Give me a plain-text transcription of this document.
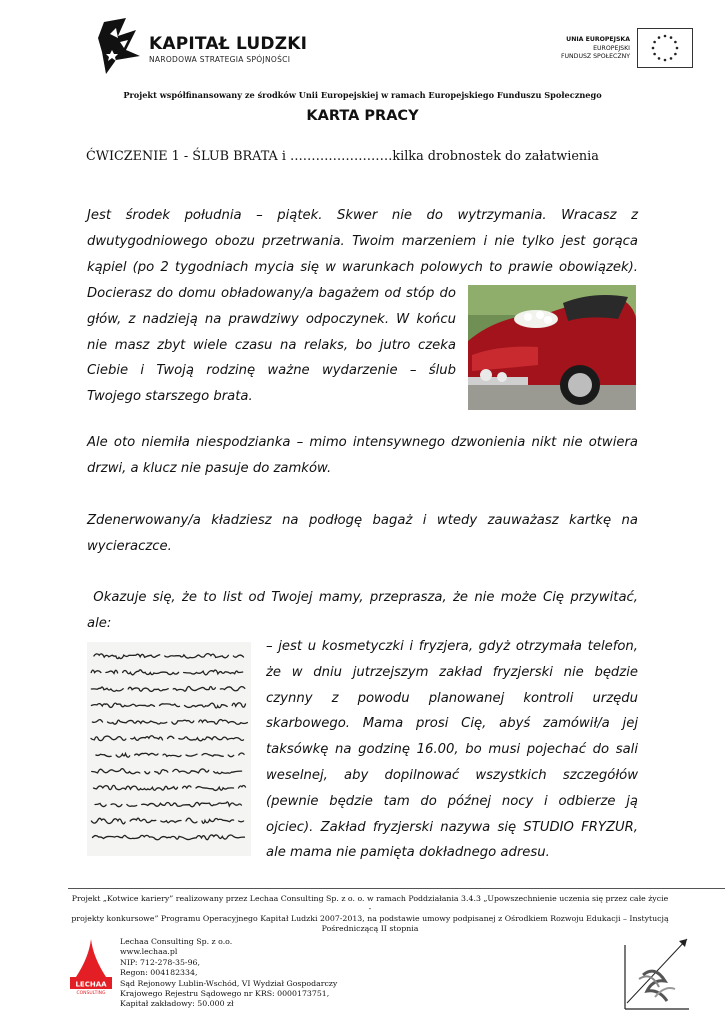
KAPITAŁ LUDZKI
NARODOWA STRATEGIA SPÓJNOŚCI
UNIA EUROPEJSKA
EUROPEJSKI
FUNDUSZ SPOŁECZNY
Projekt współfinansowany ze środków Unii Europejskiej w ramach Europejskiego Funduszu Społecznego
KARTA PRACY
ĆWICZENIE 1 - ŚLUB BRATA i ……………………kilka drobnostek do załatwienia
Jest środek południa – piątek. Skwer nie do wytrzymania. Wracasz z
dwutygodniowego obozu przetrwania. Twoim marzeniem i nie tylko jest gorąca
kąpiel (po 2 tygodniach mycia się w warunkach polowych to prawie obowiązek).
Docierasz do domu obładowany/a bagażem od stóp do
głów, z nadzieją na prawdziwy odpoczynek. W końcu
nie masz zbyt wiele czasu na relaks, bo jutro czeka
Ciebie i Twoją rodzinę ważne wydarzenie – ślub
Twojego starszego brata.
Ale oto niemiła niespodzianka – mimo intensywnego dzwonienia nikt nie otwiera
drzwi, a klucz nie pasuje do zamków.
Zdenerwowany/a kładziesz na podłogę bagaż i wtedy zauważasz kartkę na
wycieraczce.
Okazuje się, że to list od Twojej mamy, przeprasza, że nie może Cię przywitać,
ale:
– jest u kosmetyczki i fryzjera, gdyż otrzymała telefon,
że w dniu jutrzejszym zakład fryzjerski nie będzie
czynny z powodu planowanej kontroli urzędu
skarbowego. Mama prosi Cię, abyś zamówił/a jej
taksówkę na godzinę 16.00, bo musi pojechać do sali
weselnej, aby dopilnować wszystkich szczegółów
(pewnie będzie tam do późnej nocy i odbierze ją
ojciec). Zakład fryzjerski nazywa się STUDIO FRYZUR,
ale mama nie pamięta dokładnego adresu.
Projekt „Kotwice kariery” realizowany przez Lechaa Consulting Sp. z o. o. w ramach Poddziałania 3.4.3 „Upowszechnienie uczenia się przez całe życie -
projekty konkursowe” Programu Operacyjnego Kapitał Ludzki 2007-2013, na podstawie umowy podpisanej z Ośrodkiem Rozwoju Edukacji – Instytucją
Pośredniczącą II stopnia
LECHAA
CONSULTING
Lechaa Consulting Sp. z o.o.
www.lechaa.pl
NIP: 712-278-35-96,
Regon: 004182334,
Sąd Rejonowy Lublin-Wschód, VI Wydział Gospodarczy
Krajowego Rejestru Sądowego nr KRS: 0000173751,
Kapitał zakładowy: 50.000 zł
